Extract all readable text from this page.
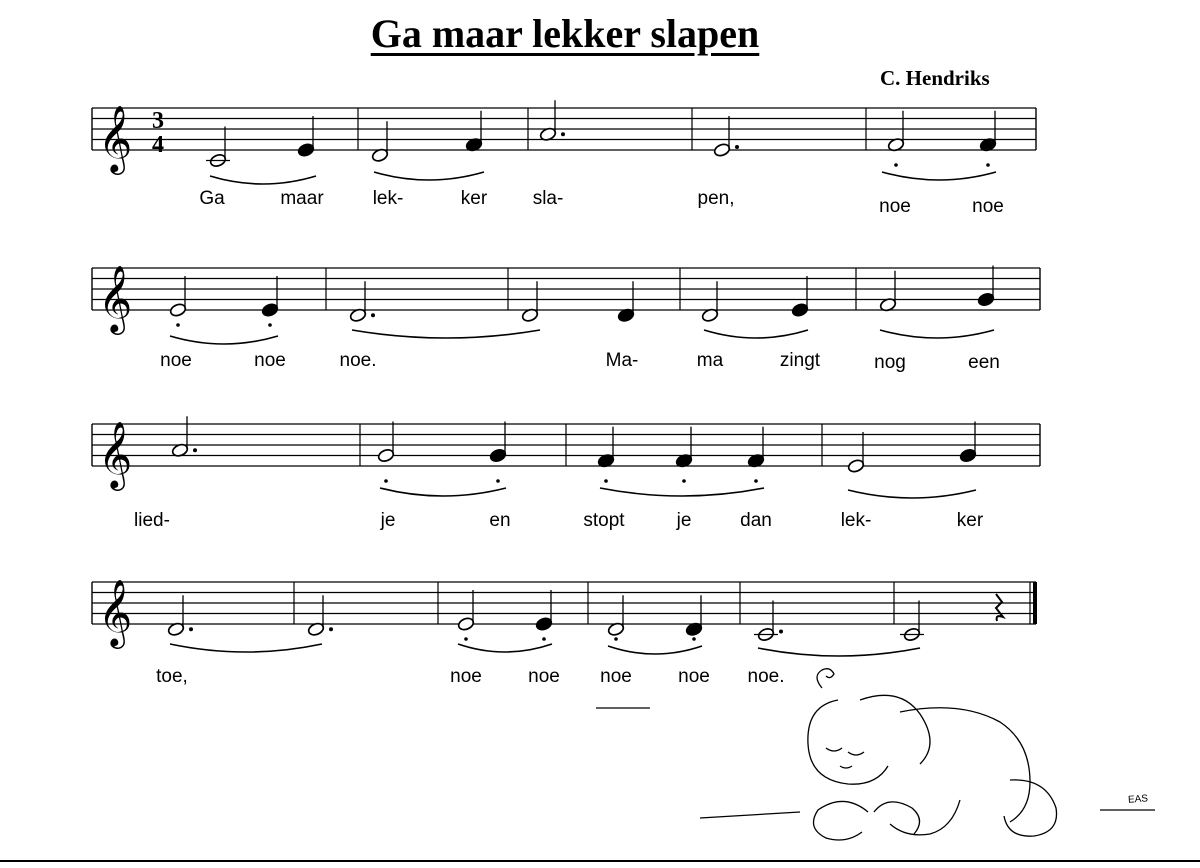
Ga maar lekker slapen
C. Hendriks
𝄞 3
4
𝄞
𝄞
𝄞
Ga	maar	lek-	ker sla-	pen,	noe	noe
noe	noe	noe.	Ma-	ma	zingt	nog	een
lied-	je	en	stopt	je	dan	lek-	ker
toe,	noe noe noe noe noe.
EAS
